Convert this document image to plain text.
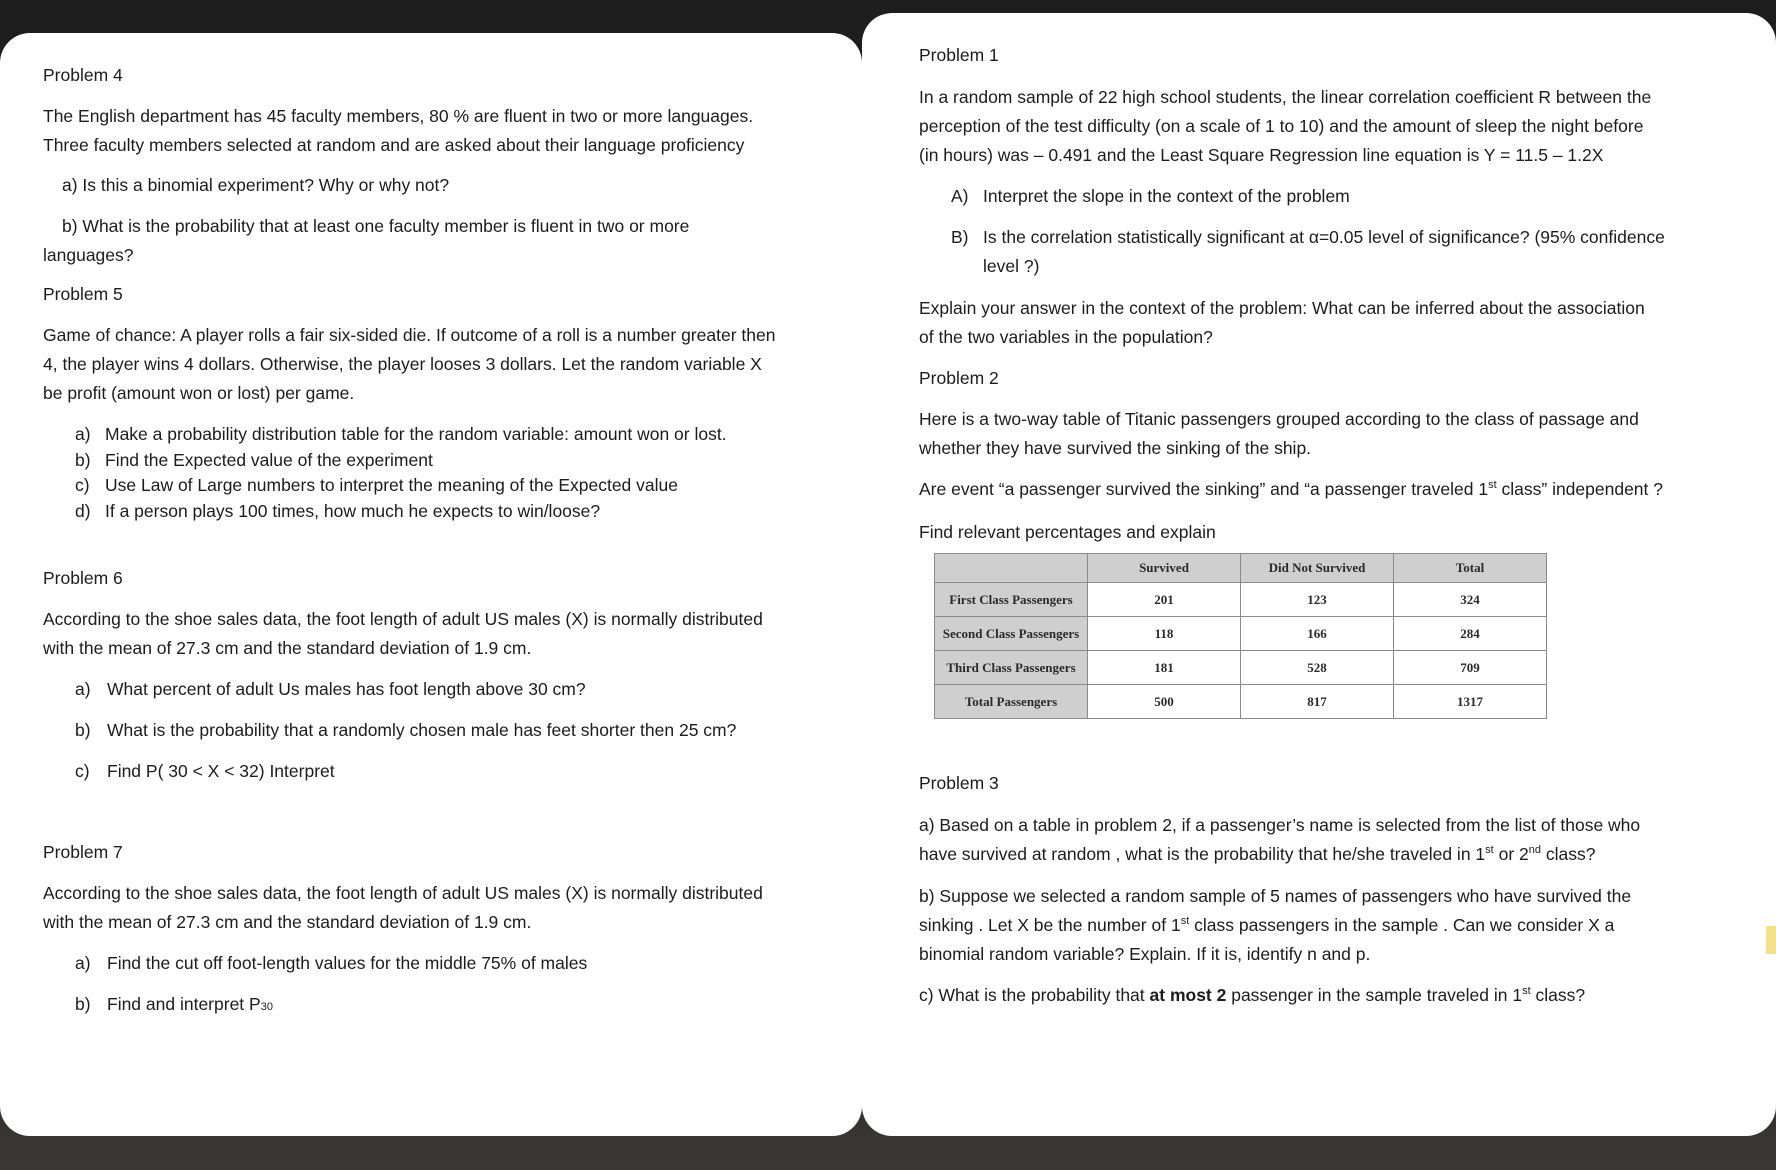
Problem 4

The English department has 45 faculty members, 80 % are fluent in two or more languages.

Three faculty members selected at random and are asked about their language proficiency

a) Is this a binomial experiment? Why or why not?

b) What is the probability that at least one faculty member is fluent in two or more

languages?

Problem 5

Game of chance: A player rolls a fair six-sided die. If outcome of a roll is a number greater then

4, the player wins 4 dollars. Otherwise, the player looses 3 dollars. Let the random variable X

be profit (amount won or lost) per game.

a) Make a probability distribution table for the random variable: amount won or lost.
b) Find the Expected value of the experiment
c) Use Law of Large numbers to interpret the meaning of the Expected value
d) If a person plays 100 times, how much he expects to win/loose?

Problem 6

According to the shoe sales data, the foot length of adult US males (X) is normally distributed

with the mean of 27.3 cm and the standard deviation of 1.9 cm.

a) What percent of adult Us males has foot length above 30 cm?

b) What is the probability that a randomly chosen male has feet shorter then 25 cm?

c) Find P( 30 < X < 32) Interpret

Problem 7

According to the shoe sales data, the foot length of adult US males (X) is normally distributed

with the mean of 27.3 cm and the standard deviation of 1.9 cm.

a) Find the cut off foot-length values for the middle 75% of males

b) Find and interpret P30

Problem 1

In a random sample of 22 high school students, the linear correlation coefficient R between the

perception of the test difficulty (on a scale of 1 to 10) and the amount of sleep the night before

(in hours) was – 0.491 and the Least Square Regression line equation is Y = 11.5 – 1.2X

A) Interpret the slope in the context of the problem

B) Is the correlation statistically significant at α=0.05 level of significance? (95% confidence

level ?)

Explain your answer in the context of the problem: What can be inferred about the association

of the two variables in the population?

Problem 2

Here is a two-way table of Titanic passengers grouped according to the class of passage and

whether they have survived the sinking of the ship.

Are event “a passenger survived the sinking” and “a passenger traveled 1st class” independent ?

Find relevant percentages and explain

	Survived	Did Not Survived	Total
First Class Passengers	201	123	324
Second Class Passengers	118	166	284
Third Class Passengers	181	528	709
Total Passengers	500	817	1317

Problem 3

a) Based on a table in problem 2, if a passenger’s name is selected from the list of those who

have survived at random , what is the probability that he/she traveled in 1st or 2nd class?

b) Suppose we selected a random sample of 5 names of passengers who have survived the

sinking . Let X be the number of 1st class passengers in the sample . Can we consider X a

binomial random variable? Explain. If it is, identify n and p.

c) What is the probability that at most 2 passenger in the sample traveled in 1st class?
